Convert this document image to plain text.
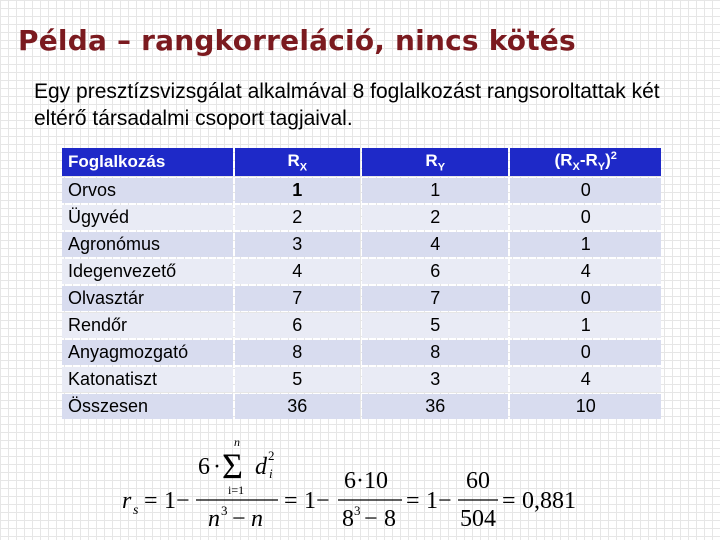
Példa – rangkorreláció, nincs kötés
Egy presztízsvizsgálat alkalmával 8 foglalkozást rangsoroltattak két eltérő társadalmi csoport tagjaival.
Foglalkozás	$R_X$	$R_Y$	$(R_X-R_Y)^2$
Orvos	1	1	0
Ügyvéd	2	2	0
Agronómus	3	4	1
Idegenvezető	4	6	4
Olvasztár	7	7	0
Rendőr	6	5	1
Anyagmozgató	8	8	0
Katonatiszt	5	3	4
Összesen	36	36	10
r s = 1 −
6 · Σ
n
i=1
d i
2
n 3 − n
= 1 −
6·10
8 3 − 8
= 1 −
60
504
= 0,881
